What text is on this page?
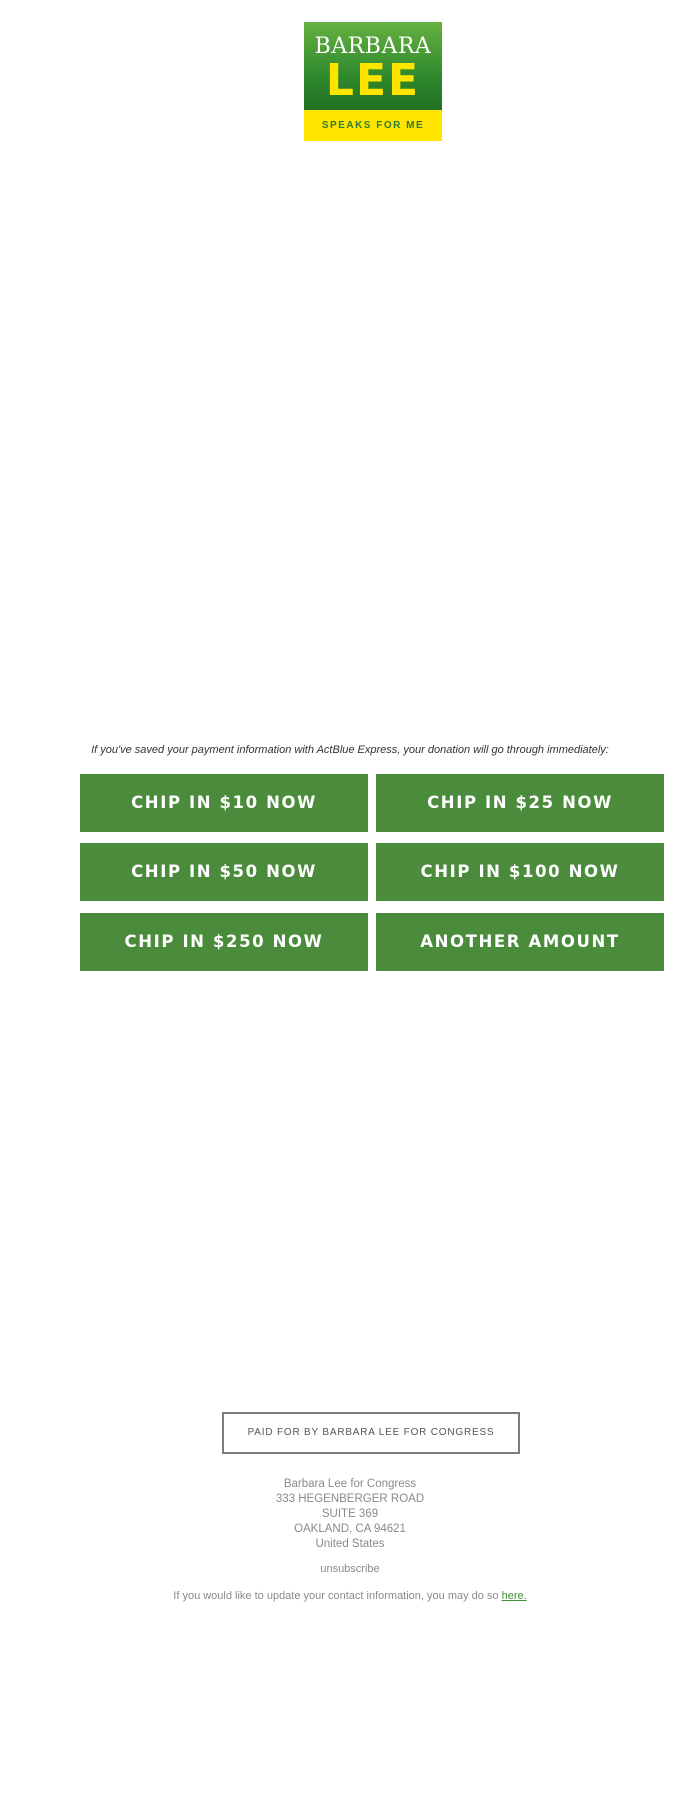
BARBARA
LEE
SPEAKS FOR ME

If you've saved your payment information with ActBlue Express, your donation will go through immediately:
CHIP IN $10 NOW	CHIP IN $25 NOW
CHIP IN $50 NOW	CHIP IN $100 NOW
CHIP IN $250 NOW	ANOTHER AMOUNT
PAID FOR BY BARBARA LEE FOR CONGRESS
Barbara Lee for Congress
333 HEGENBERGER ROAD
SUITE 369
OAKLAND, CA 94621
United States
unsubscribe
If you would like to update your contact information, you may do so here.
